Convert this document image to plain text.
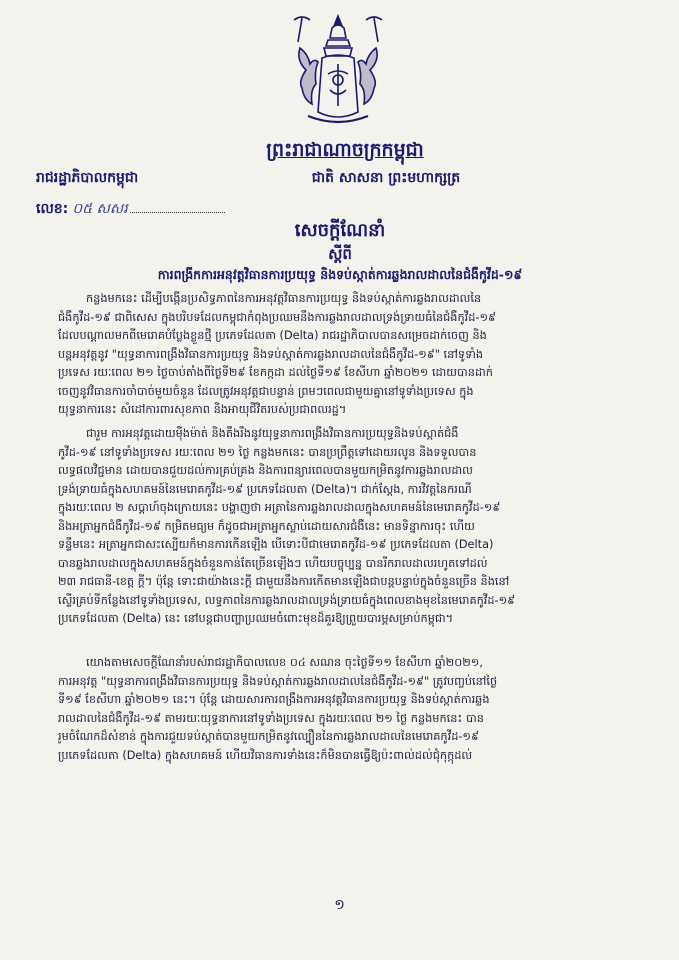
ព្រះរាជាណាចក្រកម្ពុជា
ជាតិ សាសនា ព្រះមហាក្សត្រ
រាជរដ្ឋាភិបាលកម្ពុជា
លេខ: ០៥ សសរ
សេចក្តីណែនាំ
ស្តីពី
ការពង្រីកការអនុវត្តវិធានការប្រយុទ្ធ និងទប់ស្កាត់ការឆ្លងរាលដាលនៃជំងឺកូវីដ-១៩
កន្លងមកនេះ ដើម្បីបង្កើនប្រសិទ្ធភាពនៃការអនុវត្តវិធានការប្រយុទ្ធ និងទប់ស្កាត់ការឆ្លងរាលដាលនៃ
ជំងឺកូវីដ-១៩ ជាពិសេស ក្នុងបរិបទដែលកម្ពុជាកំពុងប្រឈមនឹងការឆ្លងរាលដាលទ្រង់ទ្រាយធំនៃជំងឺកូវីដ-១៩
ដែលបណ្តាលមកពីមេរោគបំប្លែងខ្លួនថ្មី ប្រភេទដែលតា (Delta) រាជរដ្ឋាភិបាលបានសម្រេចដាក់ចេញ និង
បន្តអនុវត្តនូវ "យុទ្ធនាការពង្រឹងវិធានការប្រយុទ្ធ និងទប់ស្កាត់ការឆ្លងរាលដាលនៃជំងឺកូវីដ-១៩" នៅទូទាំង
ប្រទេស រយៈពេល ២១ ថ្ងៃចាប់តាំងពីថ្ងៃទី២៩ ខែកក្កដា ដល់ថ្ងៃទី១៩ ខែសីហា ឆ្នាំ២០២១ ដោយបានដាក់
ចេញនូវវិធានការចាំបាច់មួយចំនួន ដែលត្រូវអនុវត្តជាបន្ទាន់ ព្រមៗពេលជាមួយគ្នានៅទូទាំងប្រទេស ក្នុង
យុទ្ធនាការនេះ សំដៅការពារសុខភាព និងអាយុជីវិតរបស់ប្រជាពលរដ្ឋ។
ជារួម ការអនុវត្តដោយម៉ឺងម៉ាត់ និងតឹងរឹងនូវយុទ្ធនាការពង្រឹងវិធានការប្រយុទ្ធនិងទប់ស្កាត់ជំងឺ
កូវីដ-១៩ នៅទូទាំងប្រទេស រយៈពេល ២១ ថ្ងៃ កន្លងមកនេះ បានប្រព្រឹត្តទៅដោយរលូន និងទទួលបាន
លទ្ធផលវិជ្ជមាន ដោយបានជួយដល់ការគ្រប់គ្រង និងការពន្យារពេលបានមួយកម្រិតនូវការឆ្លងរាលដាល
ទ្រង់ទ្រាយធំក្នុងសហគមន៍នៃមេរោគកូវីដ-១៩ ប្រភេទដែលតា (Delta)។ ជាក់ស្តែង, ការវិវត្តនៃករណី
ក្នុងរយៈពេល ២ សប្តាហ៍ចុងក្រោយនេះ បង្ហាញថា អត្រានៃការឆ្លងរាលដាលក្នុងសហគមន៍នៃមេរោគកូវីដ-១៩
និងអត្រាអ្នកជំងឺកូវីដ-១៩ កម្រិតមធ្យម ក៏ដូចជាអត្រាអ្នកស្លាប់ដោយសារជំងឺនេះ មានទិន្នាការចុះ ហើយ
ទន្ទឹមនេះ អត្រាអ្នកជាសះស្បើយក៏មានការកើនឡើង បើទោះបីជាមេរោគកូវីដ-១៩ ប្រភេទដែលតា (Delta)
បានឆ្លងរាលដាលក្នុងសហគមន៍ក្នុងចំនួនកាន់តែច្រើនឡើងៗ ហើយបច្ចុប្បន្ន បានរីករាលដាលរហូតទៅដល់
២៣ រាជធានី-ខេត្ត ក្តី។ ប៉ុន្តែ ទោះជាយ៉ាងនេះក្តី ជាមួយនឹងការកើតមានឡើងជាបន្តបន្ទាប់ក្នុងចំនួនច្រើន និងនៅ
ស្ទើរគ្រប់ទីកន្លែងនៅទូទាំងប្រទេស, លទ្ធភាពនៃការឆ្លងរាលដាលទ្រង់ទ្រាយធំក្នុងពេលខាងមុខនៃមេរោគកូវីដ-១៩
ប្រភេទដែលតា (Delta) នេះ នៅបន្តជាបញ្ហាប្រឈមចំពោះមុខដ៏គួរឱ្យព្រួយបារម្ភសម្រាប់កម្ពុជា។
យោងតាមសេចក្តីណែនាំរបស់រាជរដ្ឋាភិបាលលេខ ០៤ សណន ចុះថ្ងៃទី១១ ខែសីហា ឆ្នាំ២០២១,
ការអនុវត្ត "យុទ្ធនាការពង្រឹងវិធានការប្រយុទ្ធ និងទប់ស្កាត់ការឆ្លងរាលដាលនៃជំងឺកូវីដ-១៩" ត្រូវបញ្ចប់នៅថ្ងៃ
ទី១៩ ខែសីហា ឆ្នាំ២០២១ នេះ។ ប៉ុន្តែ ដោយសារការពង្រឹងការអនុវត្តវិធានការប្រយុទ្ធ និងទប់ស្កាត់ការឆ្លង
រាលដាលនៃជំងឺកូវីដ-១៩ តាមរយៈយុទ្ធនាការនៅទូទាំងប្រទេស ក្នុងរយៈពេល ២១ ថ្ងៃ កន្លងមកនេះ បាន
រួមចំណែកដ៏សំខាន់ ក្នុងការជួយទប់ស្កាត់បានមួយកម្រិតនូវល្បឿននៃការឆ្លងរាលដាលនៃមេរោគកូវីដ-១៩
ប្រភេទដែលតា (Delta) ក្នុងសហគមន៍ ហើយវិធានការទាំងនេះក៏មិនបានធ្វើឱ្យប៉ះពាល់ដល់ជុំកុក្កុដល់
១
